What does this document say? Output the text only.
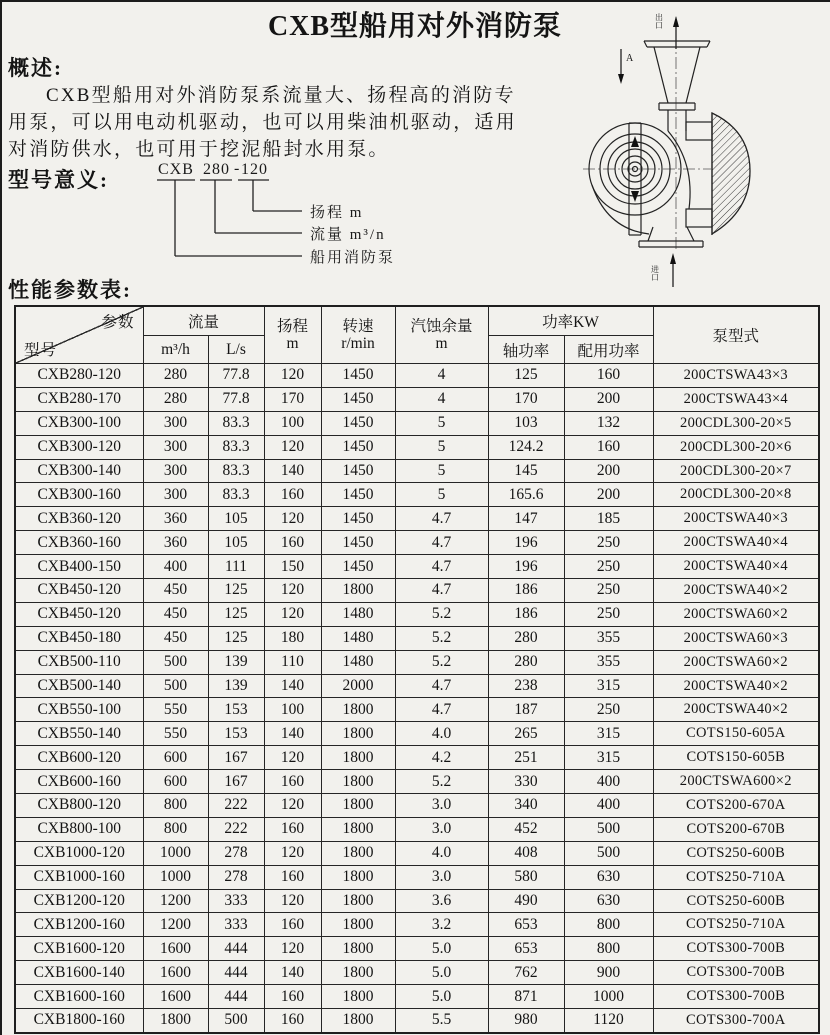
CXB型船用对外消防泵
概述:
CXB型船用对外消防泵系流量大、扬程高的消防专
用泵，可以用电动机驱动，也可以用柴油机驱动，适用
对消防供水，也可用于挖泥船封水用泵。
型号意义:	CXB 280 - 120
扬程 m
流量 m³/n
船用消防泵
出口
A
进口
性能参数表:
参数
型号
	流量	扬程
m

转速
r/min

汽蚀余量
m
	功率KW	泵型式
	m³/h	L/s				轴功率	配用功率	
CXB280-120	280	77.8	120	1450	4	125	160	200CTSWA43×3
CXB280-170	280	77.8	170	1450	4	170	200	200CTSWA43×4
CXB300-100	300	83.3	100	1450	5	103	132	200CDL300-20×5
CXB300-120	300	83.3	120	1450	5	124.2	160	200CDL300-20×6
CXB300-140	300	83.3	140	1450	5	145	200	200CDL300-20×7
CXB300-160	300	83.3	160	1450	5	165.6	200	200CDL300-20×8
CXB360-120	360	105	120	1450	4.7	147	185	200CTSWA40×3
CXB360-160	360	105	160	1450	4.7	196	250	200CTSWA40×4
CXB400-150	400	111	150	1450	4.7	196	250	200CTSWA40×4
CXB450-120	450	125	120	1800	4.7	186	250	200CTSWA40×2
CXB450-120	450	125	120	1480	5.2	186	250	200CTSWA60×2
CXB450-180	450	125	180	1480	5.2	280	355	200CTSWA60×3
CXB500-110	500	139	110	1480	5.2	280	355	200CTSWA60×2
CXB500-140	500	139	140	2000	4.7	238	315	200CTSWA40×2
CXB550-100	550	153	100	1800	4.7	187	250	200CTSWA40×2
CXB550-140	550	153	140	1800	4.0	265	315	COTS150-605A
CXB600-120	600	167	120	1800	4.2	251	315	COTS150-605B
CXB600-160	600	167	160	1800	5.2	330	400	200CTSWA600×2
CXB800-120	800	222	120	1800	3.0	340	400	COTS200-670A
CXB800-100	800	222	160	1800	3.0	452	500	COTS200-670B
CXB1000-120	1000	278	120	1800	4.0	408	500	COTS250-600B
CXB1000-160	1000	278	160	1800	3.0	580	630	COTS250-710A
CXB1200-120	1200	333	120	1800	3.6	490	630	COTS250-600B
CXB1200-160	1200	333	160	1800	3.2	653	800	COTS250-710A
CXB1600-120	1600	444	120	1800	5.0	653	800	COTS300-700B
CXB1600-140	1600	444	140	1800	5.0	762	900	COTS300-700B
CXB1600-160	1600	444	160	1800	5.0	871	1000	COTS300-700B
CXB1800-160	1800	500	160	1800	5.5	980	1120	COTS300-700A
